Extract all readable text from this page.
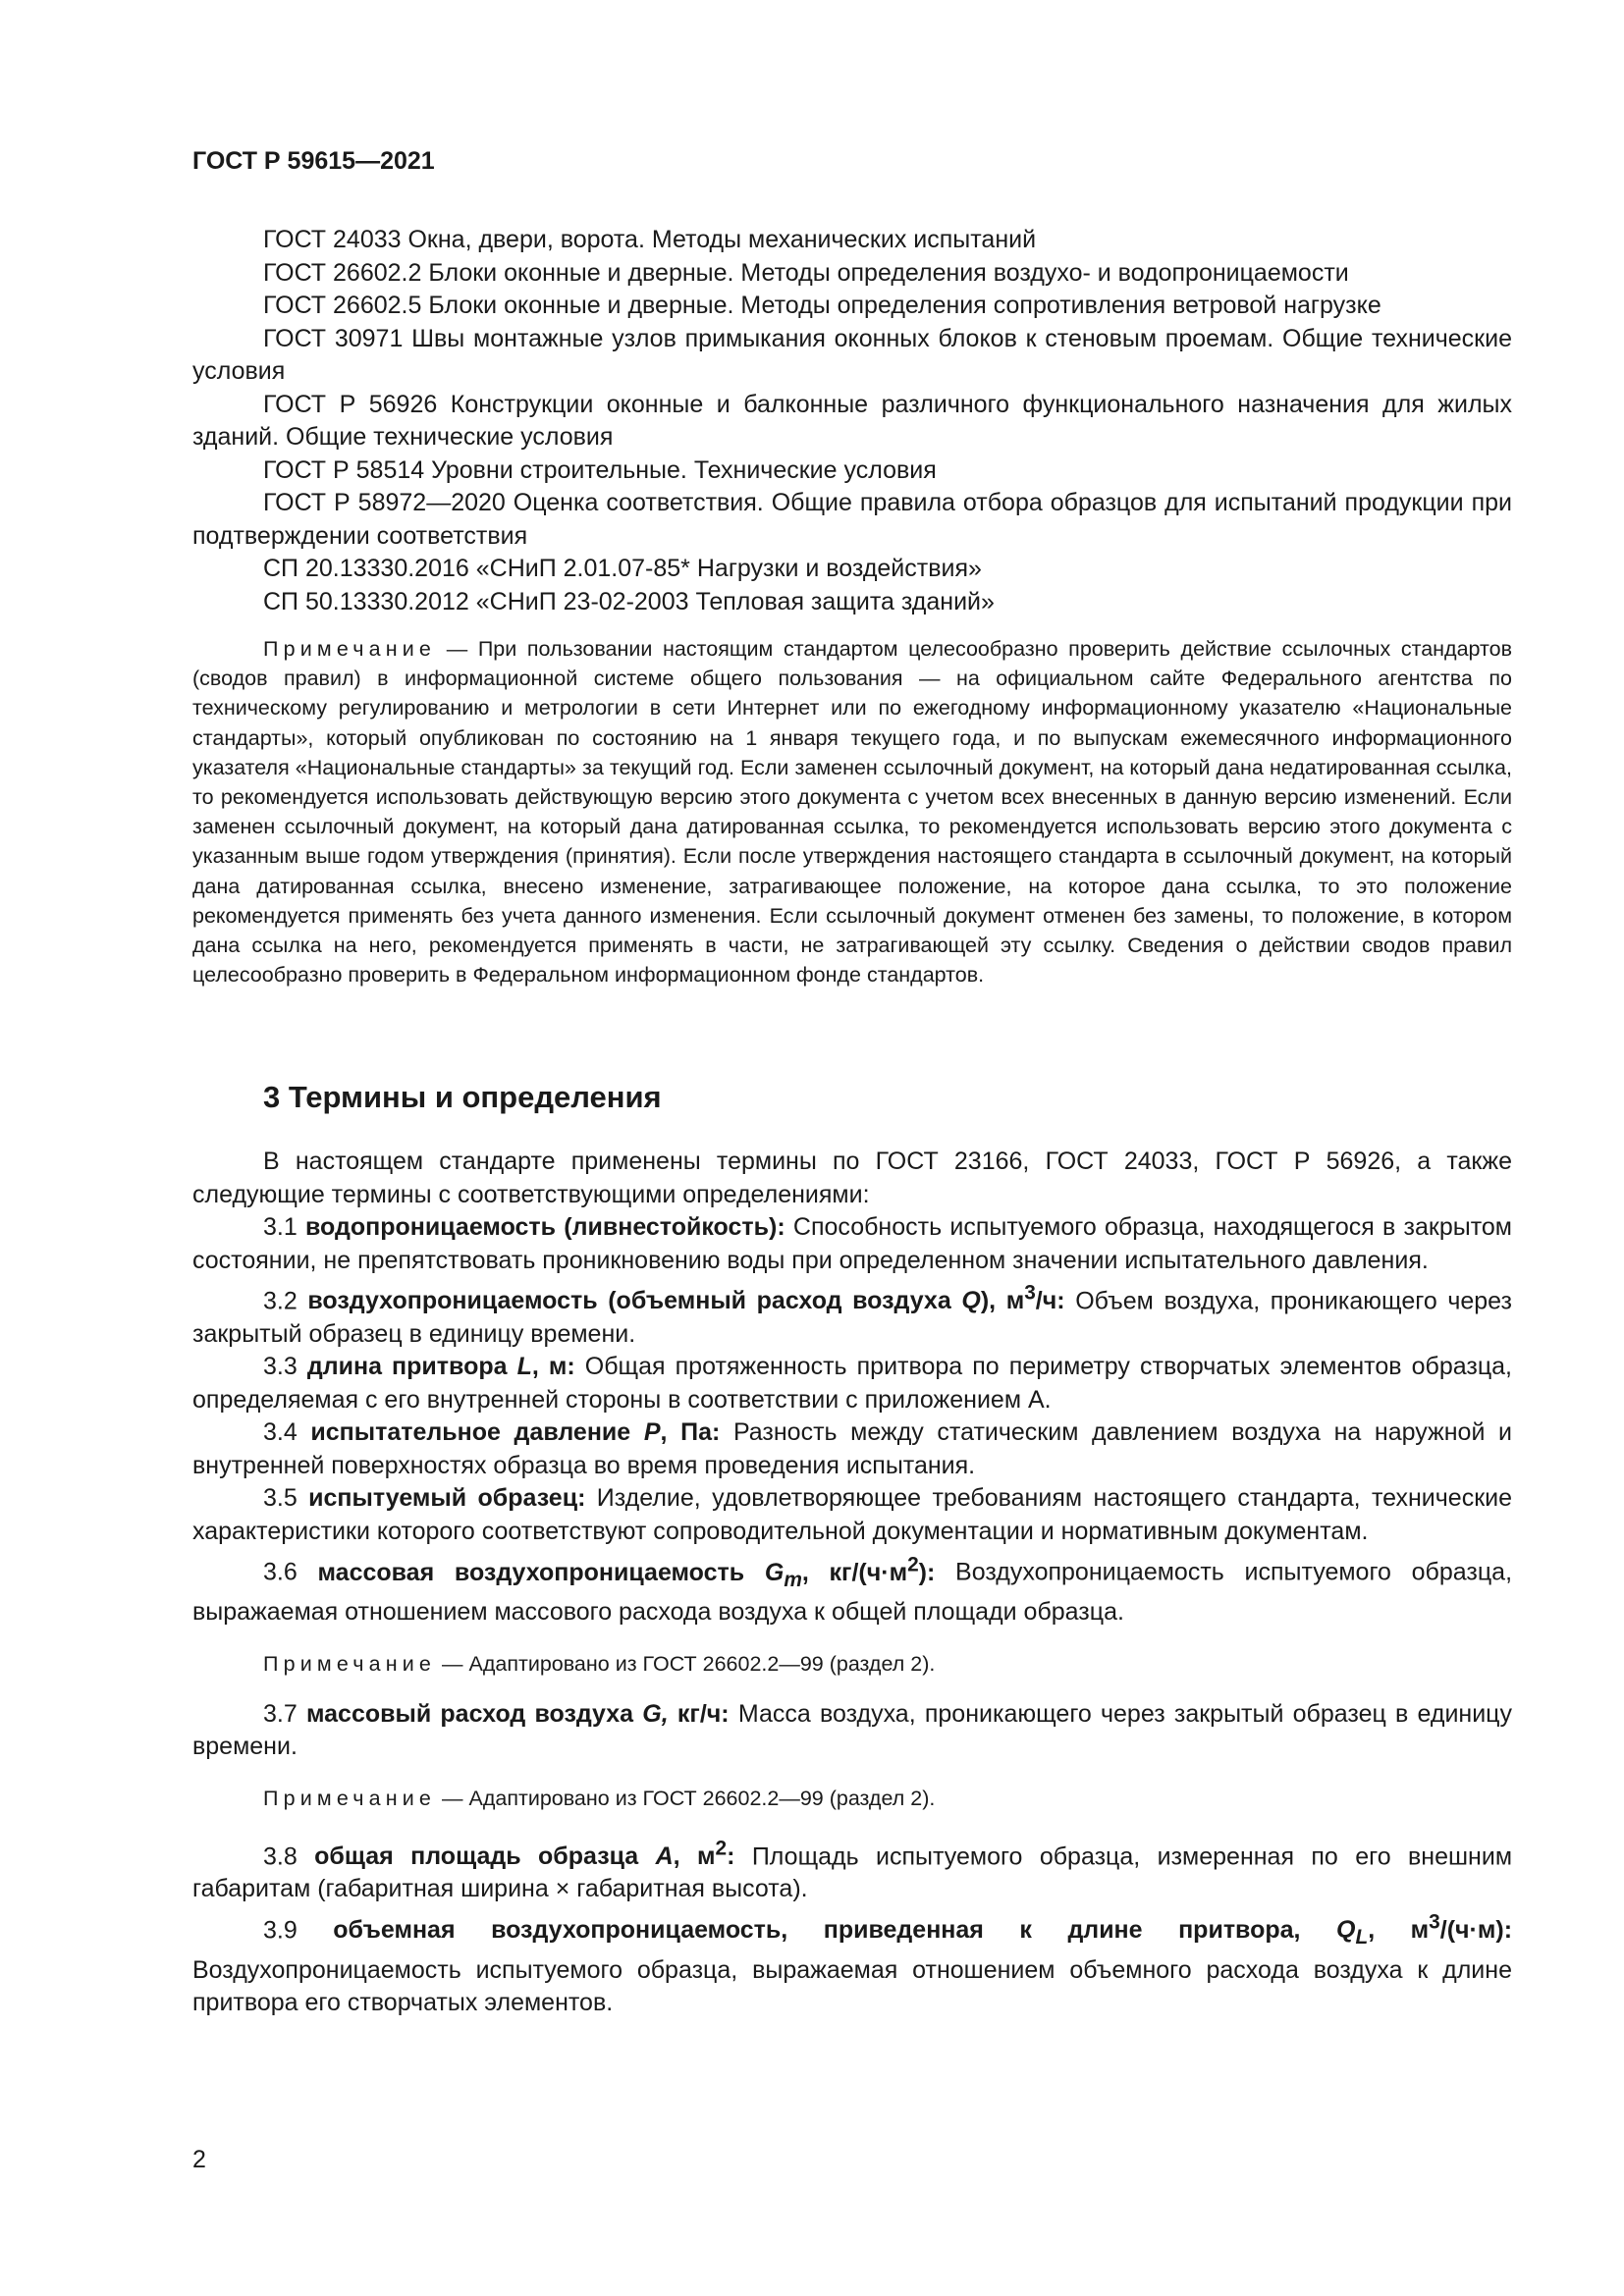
ГОСТ Р 59615—2021

ГОСТ 24033 Окна, двери, ворота. Методы механических испытаний

ГОСТ 26602.2 Блоки оконные и дверные. Методы определения воздухо- и водопроницаемости

ГОСТ 26602.5 Блоки оконные и дверные. Методы определения сопротивления ветровой нагрузке

ГОСТ 30971 Швы монтажные узлов примыкания оконных блоков к стеновым проемам. Общие технические условия

ГОСТ Р 56926 Конструкции оконные и балконные различного функционального назначения для жилых зданий. Общие технические условия

ГОСТ Р 58514 Уровни строительные. Технические условия

ГОСТ Р 58972—2020 Оценка соответствия. Общие правила отбора образцов для испытаний продукции при подтверждении соответствия

СП 20.13330.2016 «СНиП 2.01.07-85* Нагрузки и воздействия»

СП 50.13330.2012 «СНиП 23-02-2003 Тепловая защита зданий»

Примечание — При пользовании настоящим стандартом целесообразно проверить действие ссылочных стандартов (сводов правил) в информационной системе общего пользования — на официальном сайте Федерального агентства по техническому регулированию и метрологии в сети Интернет или по ежегодному информационному указателю «Национальные стандарты», который опубликован по состоянию на 1 января текущего года, и по выпускам ежемесячного информационного указателя «Национальные стандарты» за текущий год. Если заменен ссылочный документ, на который дана недатированная ссылка, то рекомендуется использовать действующую версию этого документа с учетом всех внесенных в данную версию изменений. Если заменен ссылочный документ, на который дана датированная ссылка, то рекомендуется использовать версию этого документа с указанным выше годом утверждения (принятия). Если после утверждения настоящего стандарта в ссылочный документ, на который дана датированная ссылка, внесено изменение, затрагивающее положение, на которое дана ссылка, то это положение рекомендуется применять без учета данного изменения. Если ссылочный документ отменен без замены, то положение, в котором дана ссылка на него, рекомендуется применять в части, не затрагивающей эту ссылку. Сведения о действии сводов правил целесообразно проверить в Федеральном информационном фонде стандартов.

3 Термины и определения

В настоящем стандарте применены термины по ГОСТ 23166, ГОСТ 24033, ГОСТ Р 56926, а также следующие термины с соответствующими определениями:

3.1 водопроницаемость (ливнестойкость): Способность испытуемого образца, находящегося в закрытом состоянии, не препятствовать проникновению воды при определенном значении испытательного давления.

3.2 воздухопроницаемость (объемный расход воздуха Q), $м^3/ч$: Объем воздуха, проникающего через закрытый образец в единицу времени.

3.3 длина притвора L, м: Общая протяженность притвора по периметру створчатых элементов образца, определяемая с его внутренней стороны в соответствии с приложением А.

3.4 испытательное давление P, Па: Разность между статическим давлением воздуха на наружной и внутренней поверхностях образца во время проведения испытания.

3.5 испытуемый образец: Изделие, удовлетворяющее требованиям настоящего стандарта, технические характеристики которого соответствуют сопроводительной документации и нормативным документам.

3.6 массовая воздухопроницаемость $G_m$, $кг/(ч\cdot м^2)$: Воздухопроницаемость испытуемого образца, выражаемая отношением массового расхода воздуха к общей площади образца.

Примечание — Адаптировано из ГОСТ 26602.2—99 (раздел 2).

3.7 массовый расход воздуха G, кг/ч: Масса воздуха, проникающего через закрытый образец в единицу времени.

Примечание — Адаптировано из ГОСТ 26602.2—99 (раздел 2).

3.8 общая площадь образца A, $м^2$: Площадь испытуемого образца, измеренная по его внешним габаритам (габаритная ширина × габаритная высота).

3.9 объемная воздухопроницаемость, приведенная к длине притвора, $Q_L$, $м^3/(ч\cdot м)$: Воздухопроницаемость испытуемого образца, выражаемая отношением объемного расхода воздуха к длине притвора его створчатых элементов.

2
